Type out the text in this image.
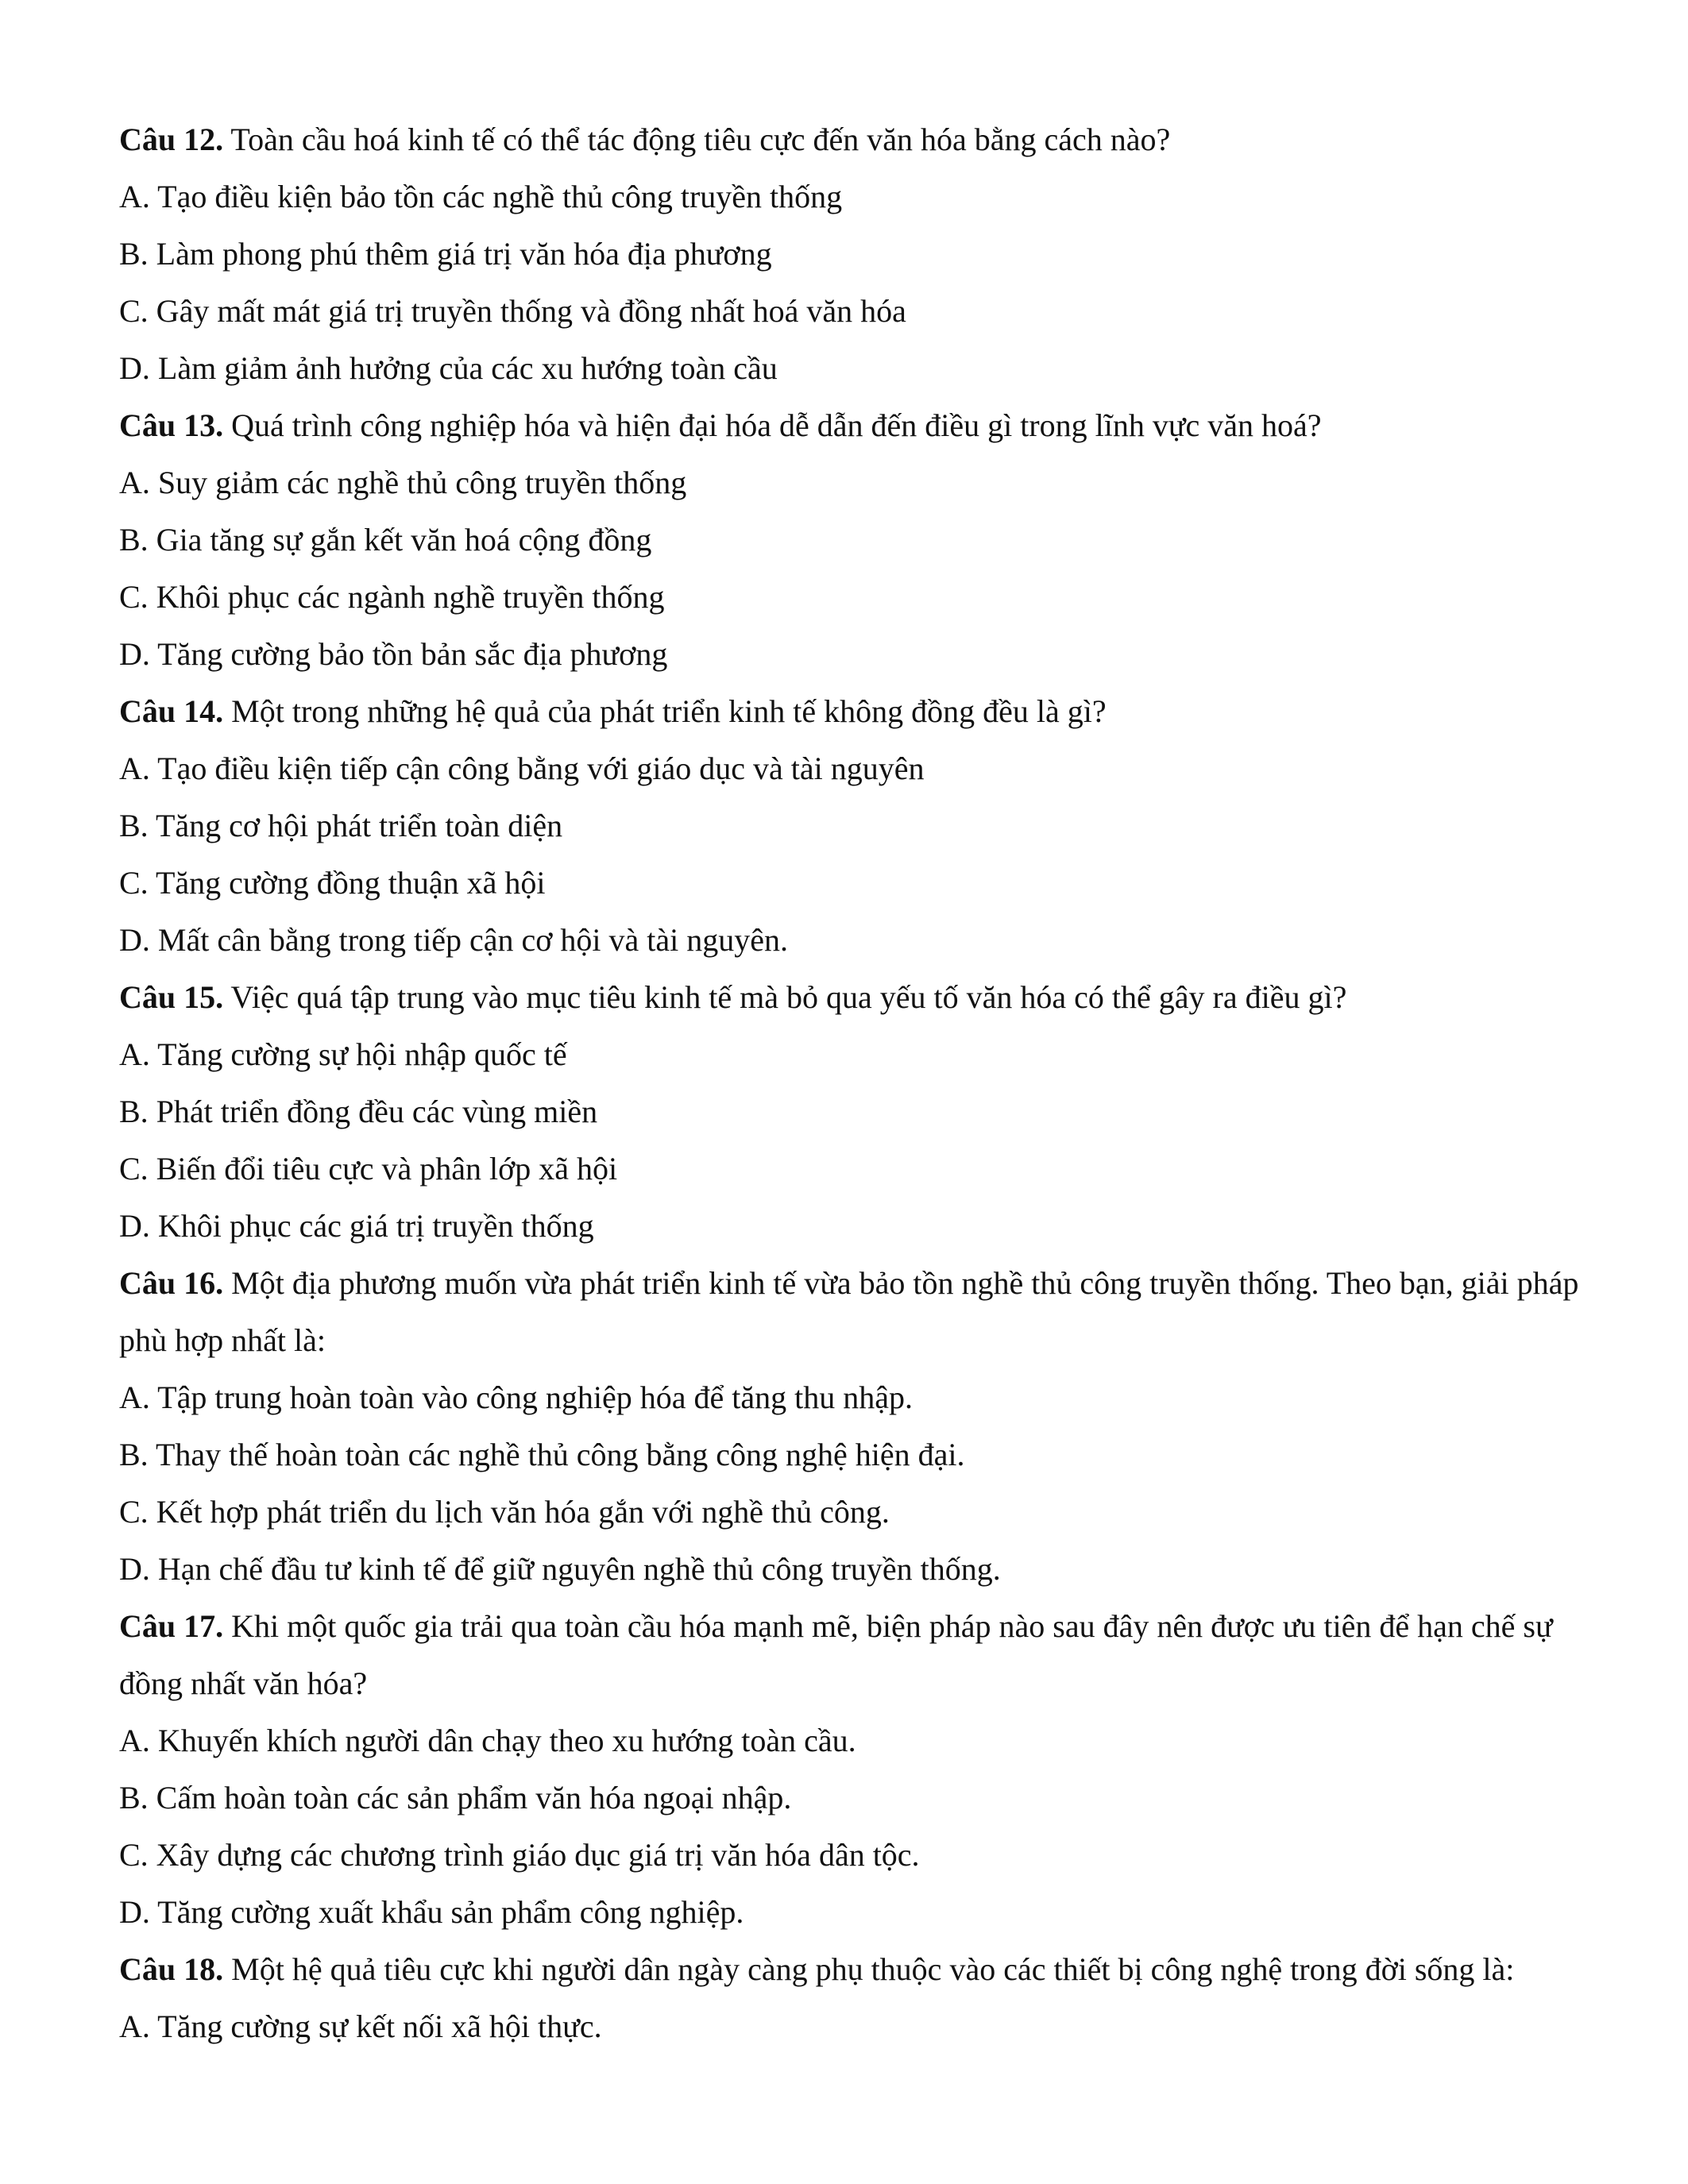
Câu 12. Toàn cầu hoá kinh tế có thể tác động tiêu cực đến văn hóa bằng cách nào?

A. Tạo điều kiện bảo tồn các nghề thủ công truyền thống

B. Làm phong phú thêm giá trị văn hóa địa phương

C. Gây mất mát giá trị truyền thống và đồng nhất hoá văn hóa

D. Làm giảm ảnh hưởng của các xu hướng toàn cầu

Câu 13. Quá trình công nghiệp hóa và hiện đại hóa dễ dẫn đến điều gì trong lĩnh vực văn hoá?

A. Suy giảm các nghề thủ công truyền thống

B. Gia tăng sự gắn kết văn hoá cộng đồng

C. Khôi phục các ngành nghề truyền thống

D. Tăng cường bảo tồn bản sắc địa phương

Câu 14. Một trong những hệ quả của phát triển kinh tế không đồng đều là gì?

A. Tạo điều kiện tiếp cận công bằng với giáo dục và tài nguyên

B. Tăng cơ hội phát triển toàn diện

C. Tăng cường đồng thuận xã hội

D. Mất cân bằng trong tiếp cận cơ hội và tài nguyên.

Câu 15. Việc quá tập trung vào mục tiêu kinh tế mà bỏ qua yếu tố văn hóa có thể gây ra điều gì?

A. Tăng cường sự hội nhập quốc tế

B. Phát triển đồng đều các vùng miền

C. Biến đổi tiêu cực và phân lớp xã hội

D. Khôi phục các giá trị truyền thống

Câu 16. Một địa phương muốn vừa phát triển kinh tế vừa bảo tồn nghề thủ công truyền thống. Theo bạn, giải pháp phù hợp nhất là:

A. Tập trung hoàn toàn vào công nghiệp hóa để tăng thu nhập.

B. Thay thế hoàn toàn các nghề thủ công bằng công nghệ hiện đại.

C. Kết hợp phát triển du lịch văn hóa gắn với nghề thủ công.

D. Hạn chế đầu tư kinh tế để giữ nguyên nghề thủ công truyền thống.

Câu 17. Khi một quốc gia trải qua toàn cầu hóa mạnh mẽ, biện pháp nào sau đây nên được ưu tiên để hạn chế sự đồng nhất văn hóa?

A. Khuyến khích người dân chạy theo xu hướng toàn cầu.

B. Cấm hoàn toàn các sản phẩm văn hóa ngoại nhập.

C. Xây dựng các chương trình giáo dục giá trị văn hóa dân tộc.

D. Tăng cường xuất khẩu sản phẩm công nghiệp.

Câu 18. Một hệ quả tiêu cực khi người dân ngày càng phụ thuộc vào các thiết bị công nghệ trong đời sống là:

A. Tăng cường sự kết nối xã hội thực.
